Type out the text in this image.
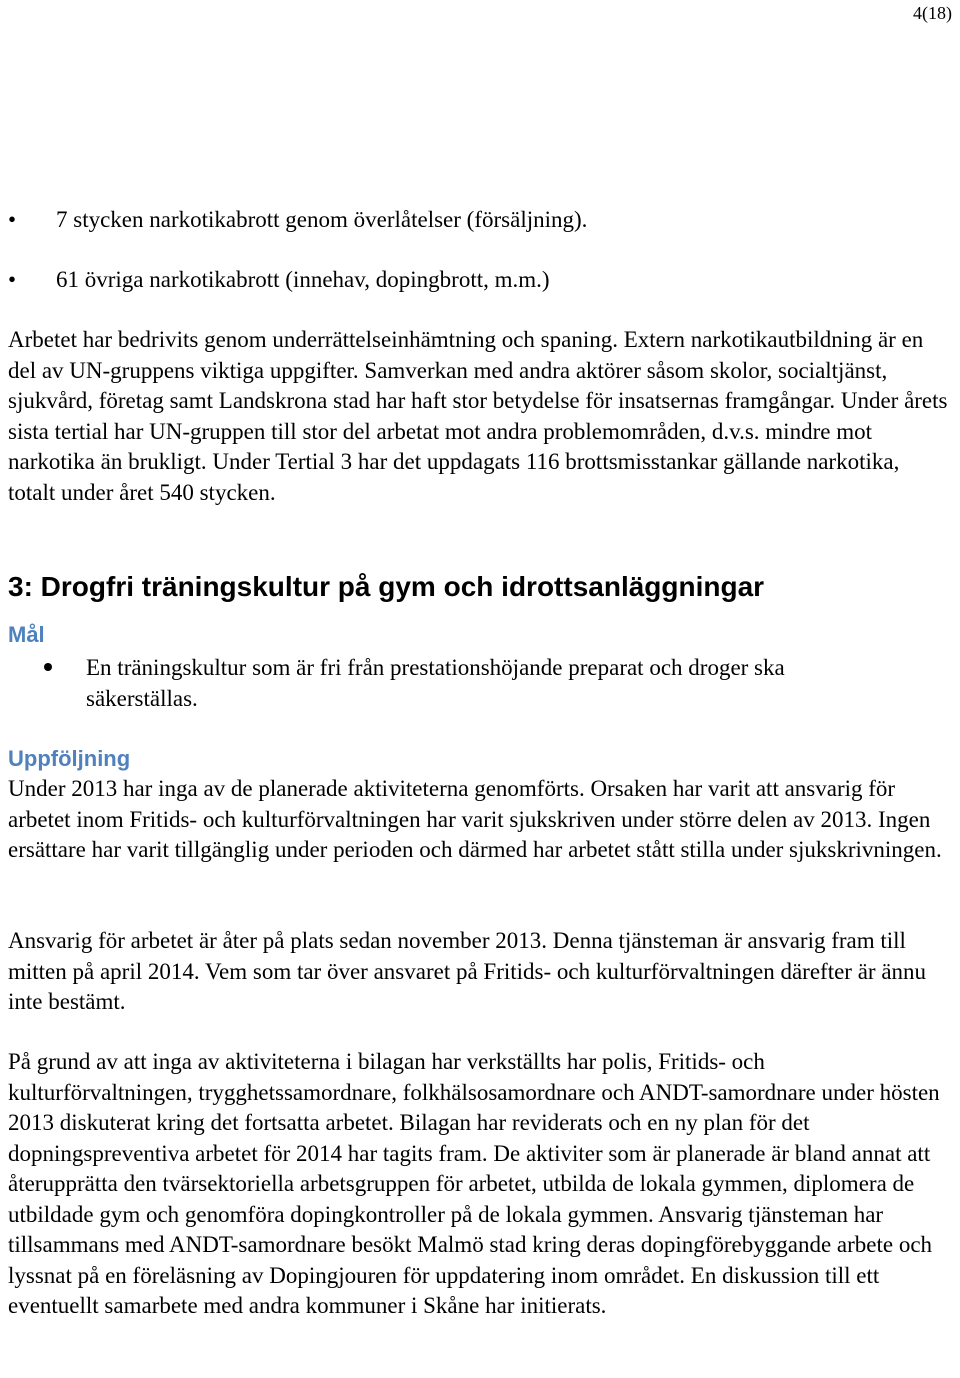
4(18)
• 7 stycken narkotikabrott genom överlåtelser (försäljning).
• 61 övriga narkotikabrott (innehav, dopingbrott, m.m.)

Arbetet har bedrivits genom underrättelseinhämtning och spaning. Extern narkotikautbildning är en del av UN-gruppens viktiga uppgifter. Samverkan med andra aktörer såsom skolor, socialtjänst, sjukvård, företag samt Landskrona stad har haft stor betydelse för insatsernas framgångar. Under årets sista tertial har UN-gruppen till stor del arbetat mot andra problemområden, d.v.s. mindre mot narkotika än brukligt. Under Tertial 3 har det uppdagats 116 brottsmisstankar gällande narkotika, totalt under året 540 stycken.

3: Drogfri träningskultur på gym och idrottsanläggningar
Mål
En träningskultur som är fri från prestationshöjande preparat och droger ska säkerställas.
Uppföljning

Under 2013 har inga av de planerade aktiviteterna genomförts. Orsaken har varit att ansvarig för arbetet inom Fritids- och kulturförvaltningen har varit sjukskriven under större delen av 2013. Ingen ersättare har varit tillgänglig under perioden och därmed har arbetet stått stilla under sjukskrivningen.

Ansvarig för arbetet är åter på plats sedan november 2013. Denna tjänsteman är ansvarig fram till mitten på april 2014. Vem som tar över ansvaret på Fritids- och kulturförvaltningen därefter är ännu inte bestämt.

På grund av att inga av aktiviteterna i bilagan har verkställts har polis, Fritids- och kulturförvaltningen, trygghetssamordnare, folkhälsosamordnare och ANDT-samordnare under hösten 2013 diskuterat kring det fortsatta arbetet. Bilagan har reviderats och en ny plan för det dopningspreventiva arbetet för 2014 har tagits fram. De aktiviter som är planerade är bland annat att återupprätta den tvärsektoriella arbetsgruppen för arbetet, utbilda de lokala gymmen, diplomera de utbildade gym och genomföra dopingkontroller på de lokala gymmen. Ansvarig tjänsteman har tillsammans med ANDT-samordnare besökt Malmö stad kring deras dopingförebyggande arbete och lyssnat på en föreläsning av Dopingjouren för uppdatering inom området. En diskussion till ett eventuellt samarbete med andra kommuner i Skåne har initierats.
